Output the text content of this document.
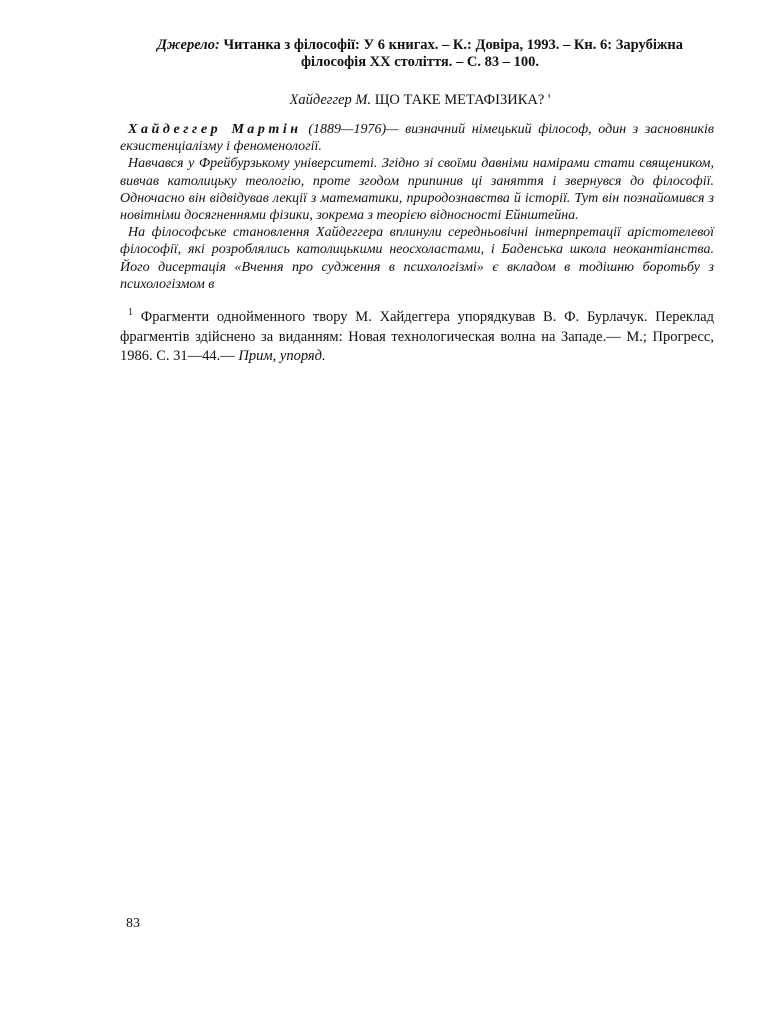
Джерело: Читанка з філософії: У 6 книгах. – К.: Довіра, 1993. – Кн. 6: Зарубіжна
філософія ХХ століття. – С. 83 – 100.
Хайдеггер М. ЩО ТАКЕ МЕТАФІЗИКА? '

Хайдеггер Мартін (1889—1976)— визначний німецький філософ, один з засновників екзистенціалізму і феноменології.

Навчався у Фрейбурзькому університеті. Згідно зі своїми давніми намірами стати священиком, вивчав католицьку теологію, проте згодом припинив ці заняття і звернувся до філософії. Одночасно він відвідував лекції з математики, природознавства й історії. Тут він познайомився з новітніми досягненнями фізики, зокрема з теорією відносності Ейнштейна.

На філософське становлення Хайдеггера вплинули середньовічні інтерпретації арістотелевої філософії, які розроблялись католицькими неосхоластами, і Баденська школа неокантіанства. Його дисертація «Вчення про судження в психологізмі» є вкладом в тодішню боротьбу з психологізмом в

$^1$ Фрагменти однойменного твору М. Хайдеггера упорядкував В. Ф. Бурлачук. Переклад фрагментів здійснено за виданням: Новая технологическая волна на Западе.— М.; Прогресс, 1986. С. 31—44.— Прим, упоряд.

83
